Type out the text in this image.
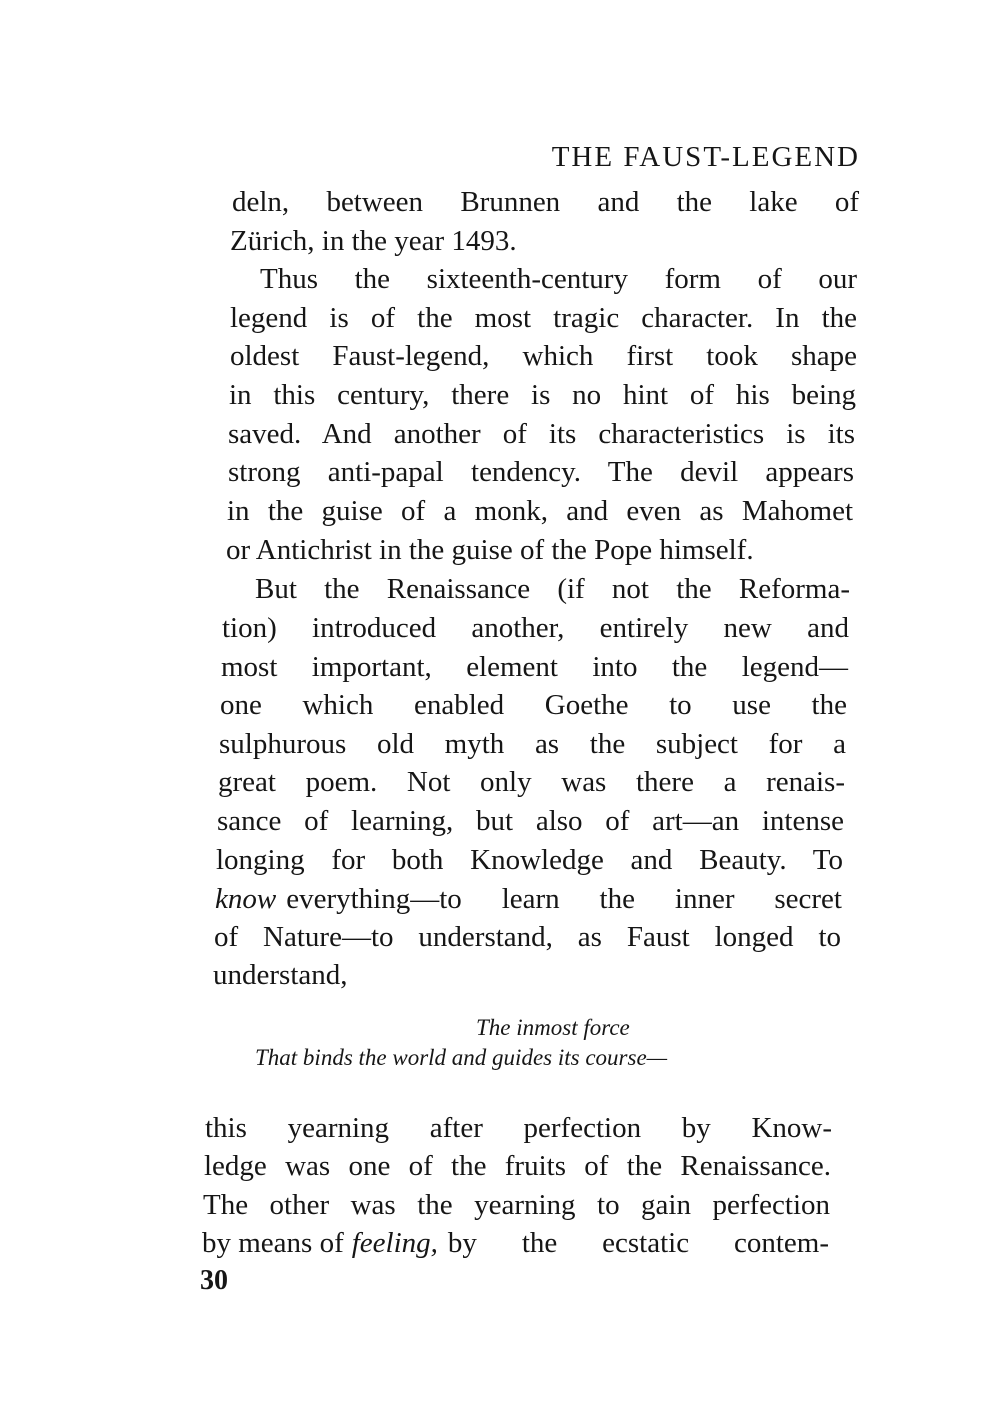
THE FAUST-LEGEND
deln, between Brunnen and the lake of
Zürich, in the year 1493.
Thus the sixteenth-century form of our
legend is of the most tragic character. In the
oldest Faust-legend, which first took shape
in this century, there is no hint of his being
saved. And another of its characteristics is its
strong anti-papal tendency. The devil appears
in the guise of a monk, and even as Mahomet
or Antichrist in the guise of the Pope himself.
But the Renaissance (if not the Reforma-
tion) introduced another, entirely new and
most important, element into the legend—
one which enabled Goethe to use the
sulphurous old myth as the subject for a
great poem. Not only was there a renais-
sance of learning, but also of art—an intense
longing for both Knowledge and Beauty. To
know everything—to learn the inner secret
of Nature—to understand, as Faust longed to
understand,
The inmost force
That binds the world and guides its course—
this yearning after perfection by Know-
ledge was one of the fruits of the Renaissance.
The other was the yearning to gain perfection
by means of feeling, by the ecstatic contem-
30
